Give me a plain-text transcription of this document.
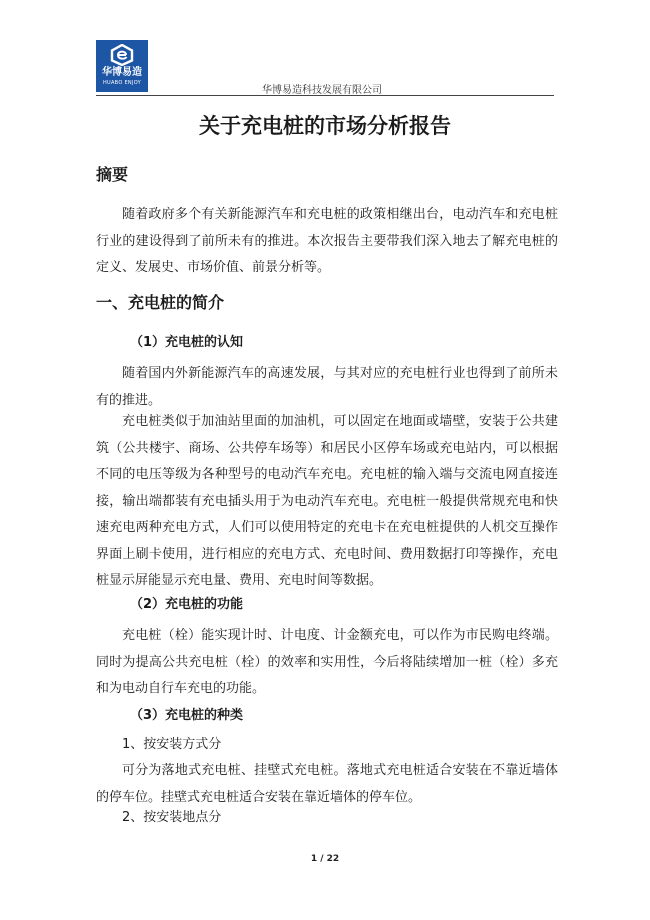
华博易造
HUABO ENJOY
华博易造科技发展有限公司
关于充电桩的市场分析报告
摘要

随着政府多个有关新能源汽车和充电桩的政策相继出台，电动汽车和充电桩行业的建设得到了前所未有的推进。本次报告主要带我们深入地去了解充电桩的定义、发展史、市场价值、前景分析等。

一、充电桩的简介
（1）充电桩的认知

随着国内外新能源汽车的高速发展，与其对应的充电桩行业也得到了前所未有的推进。

充电桩类似于加油站里面的加油机，可以固定在地面或墙壁，安装于公共建筑（公共楼宇、商场、公共停车场等）和居民小区停车场或充电站内，可以根据不同的电压等级为各种型号的电动汽车充电。充电桩的输入端与交流电网直接连接，输出端都装有充电插头用于为电动汽车充电。充电桩一般提供常规充电和快速充电两种充电方式，人们可以使用特定的充电卡在充电桩提供的人机交互操作界面上刷卡使用，进行相应的充电方式、充电时间、费用数据打印等操作，充电桩显示屏能显示充电量、费用、充电时间等数据。

（2）充电桩的功能

充电桩（栓）能实现计时、计电度、计金额充电，可以作为市民购电终端。同时为提高公共充电桩（栓）的效率和实用性，今后将陆续增加一桩（栓）多充和为电动自行车充电的功能。

（3）充电桩的种类
1、按安装方式分

可分为落地式充电桩、挂壁式充电桩。落地式充电桩适合安装在不靠近墙体的停车位。挂壁式充电桩适合安装在靠近墙体的停车位。

2、按安装地点分
1 / 22
